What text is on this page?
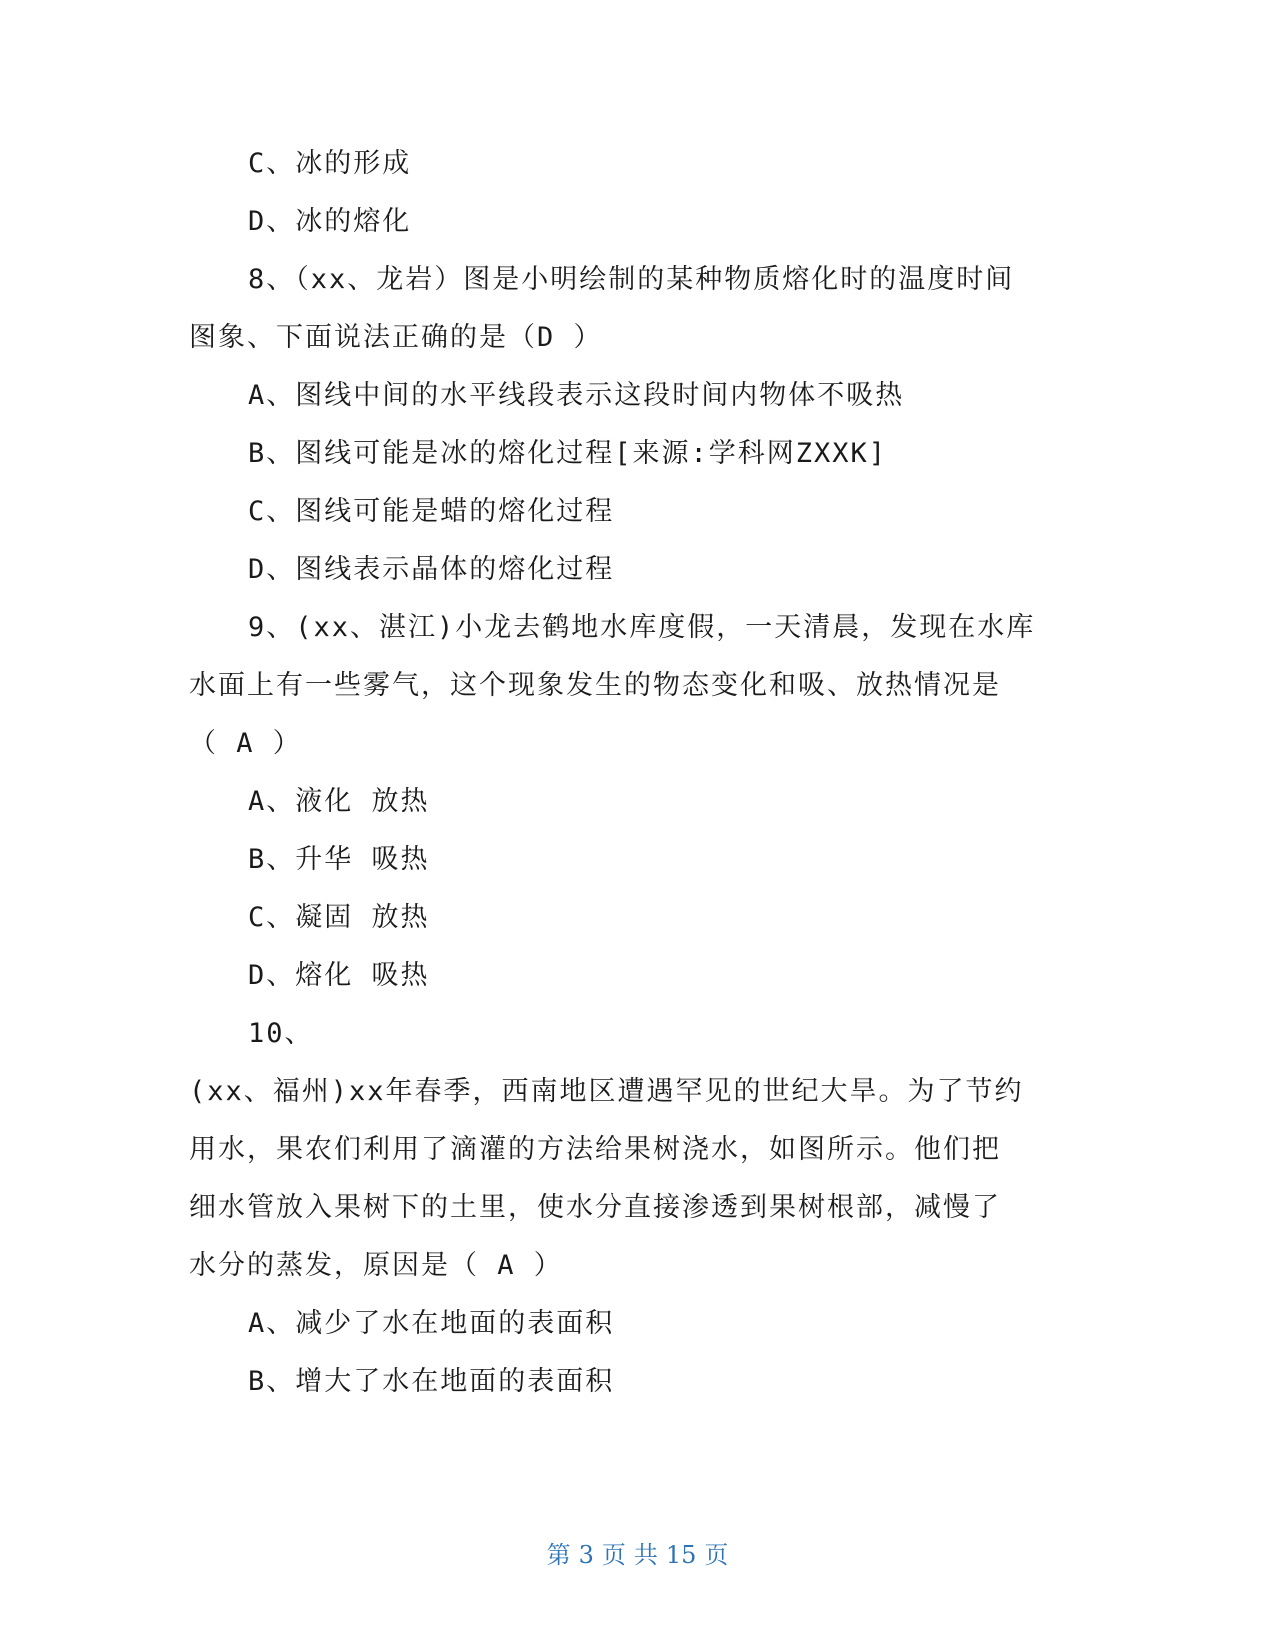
C、冰的形成
D、冰的熔化
8、（xx、龙岩）图是小明绘制的某种物质熔化时的温度时间
图象、下面说法正确的是（D ）
A、图线中间的水平线段表示这段时间内物体不吸热
B、图线可能是冰的熔化过程[来源:学科网ZXXK]
C、图线可能是蜡的熔化过程
D、图线表示晶体的熔化过程
9、(xx、湛江)小龙去鹤地水库度假，一天清晨，发现在水库
水面上有一些雾气，这个现象发生的物态变化和吸、放热情况是
（ A ）
A、液化 放热
B、升华 吸热
C、凝固 放热
D、熔化 吸热
10、
(xx、福州)xx年春季，西南地区遭遇罕见的世纪大旱。为了节约
用水，果农们利用了滴灌的方法给果树浇水，如图所示。他们把
细水管放入果树下的土里，使水分直接渗透到果树根部，减慢了
水分的蒸发，原因是（ A ）
A、减少了水在地面的表面积
B、增大了水在地面的表面积
第 3 页 共 15 页
